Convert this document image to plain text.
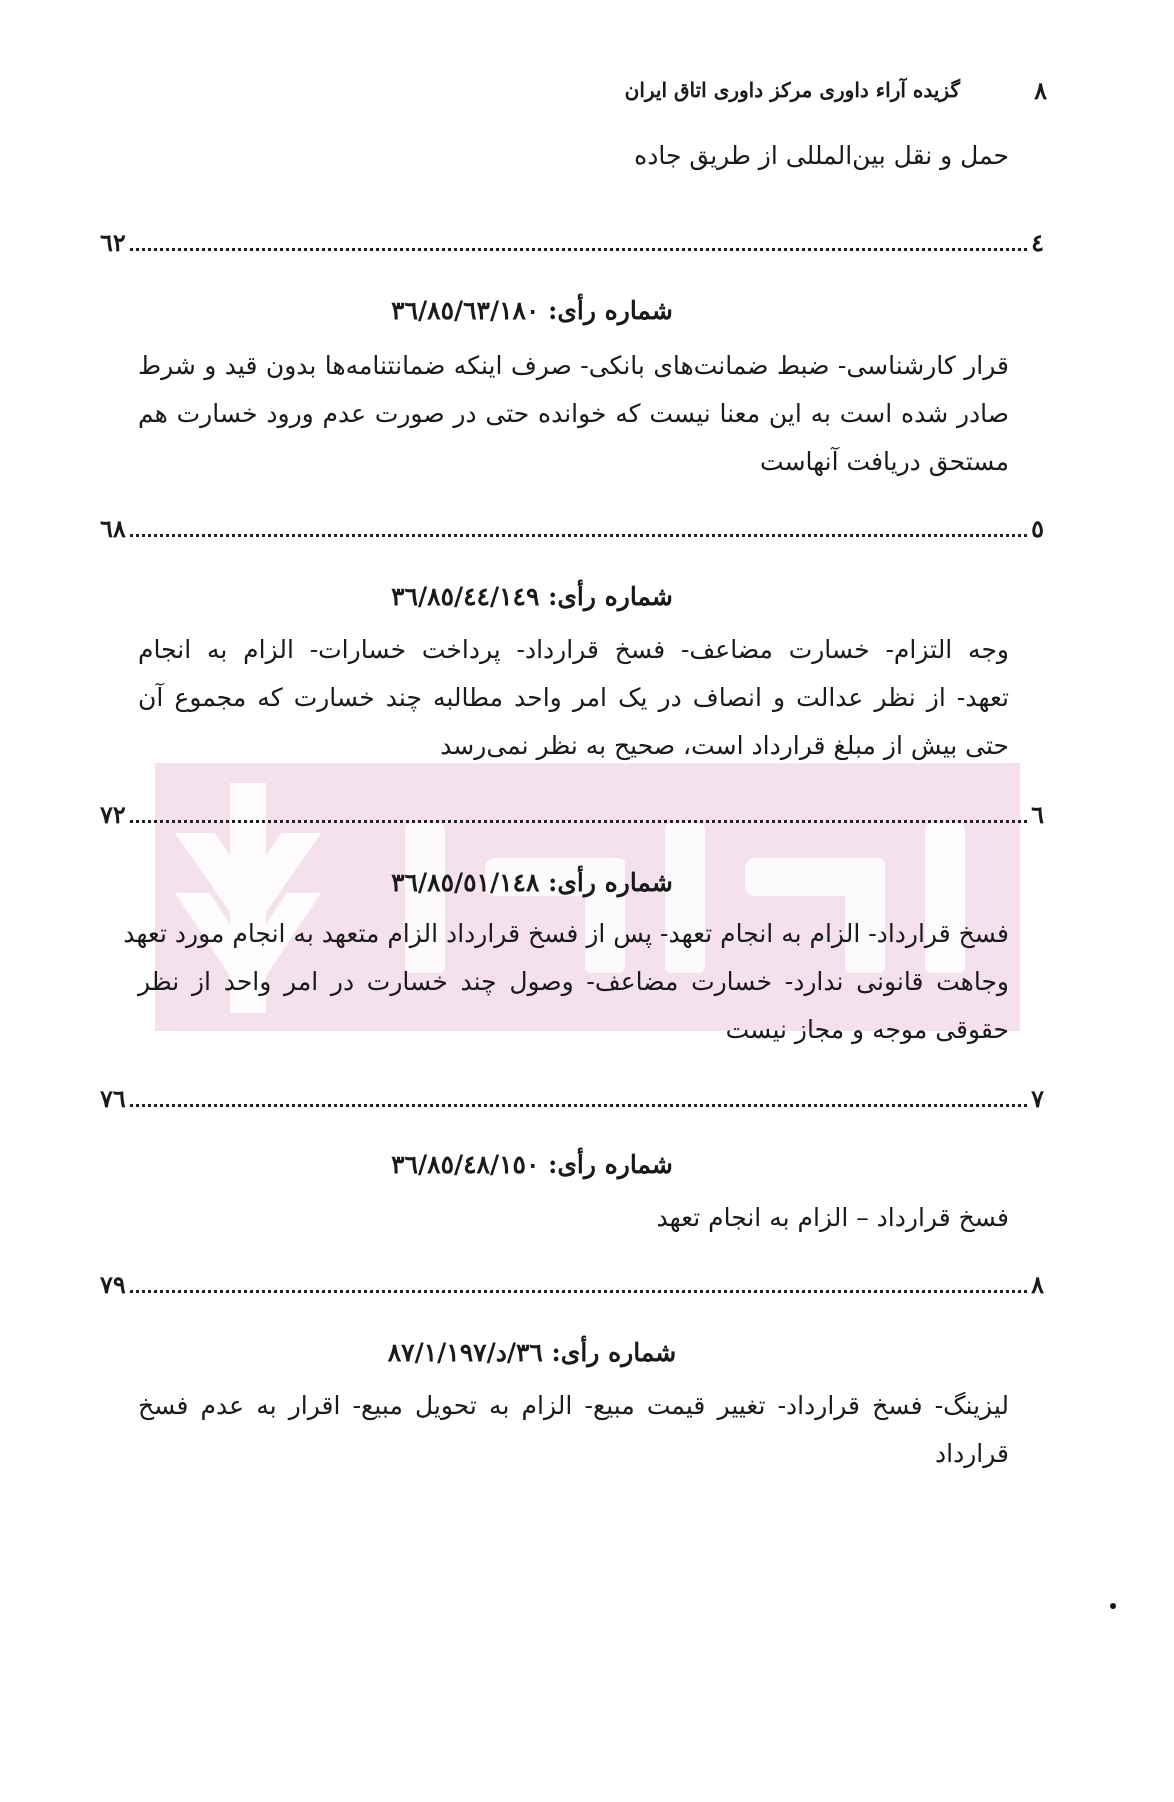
۸
گزیده آراء داوری مرکز داوری اتاق ایران
حمل و نقل بین‌المللی از طریق جاده
٤
٦٢
شماره رأی: ٣٦/٨٥/٦٣/١٨٠
قرار کارشناسی- ضبط ضمانت‌های بانکی- صرف اینکه ضمانتنامه‌ها بدون قید و شرط
صادر شده است به این معنا نیست که خوانده حتی در صورت عدم ورود خسارت هم
مستحق دریافت آنهاست
٥
٦٨
شماره رأی: ٣٦/٨٥/٤٤/١٤٩
وجه التزام- خسارت مضاعف- فسخ قرارداد- پرداخت خسارات- الزام به انجام
تعهد- از نظر عدالت و انصاف در یک امر واحد مطالبه چند خسارت که مجموع آن
حتی بیش از مبلغ قرارداد است، صحیح به نظر نمی‌رسد
٦
٧٢
شماره رأی: ٣٦/٨٥/٥١/١٤٨
فسخ قرارداد- الزام به انجام تعهد- پس از فسخ قرارداد الزام متعهد به انجام مورد تعهد
وجاهت قانونی ندارد- خسارت مضاعف- وصول چند خسارت در امر واحد از نظر
حقوقی موجه و مجاز نیست
٧
٧٦
شماره رأی: ٣٦/٨٥/٤٨/١٥٠
فسخ قرارداد – الزام به انجام تعهد
٨
٧٩
شماره رأی: ٣٦/د/٨٧/١/١٩٧
لیزینگ- فسخ قرارداد- تغییر قیمت مبیع- الزام به تحویل مبیع- اقرار به عدم فسخ
قرارداد
